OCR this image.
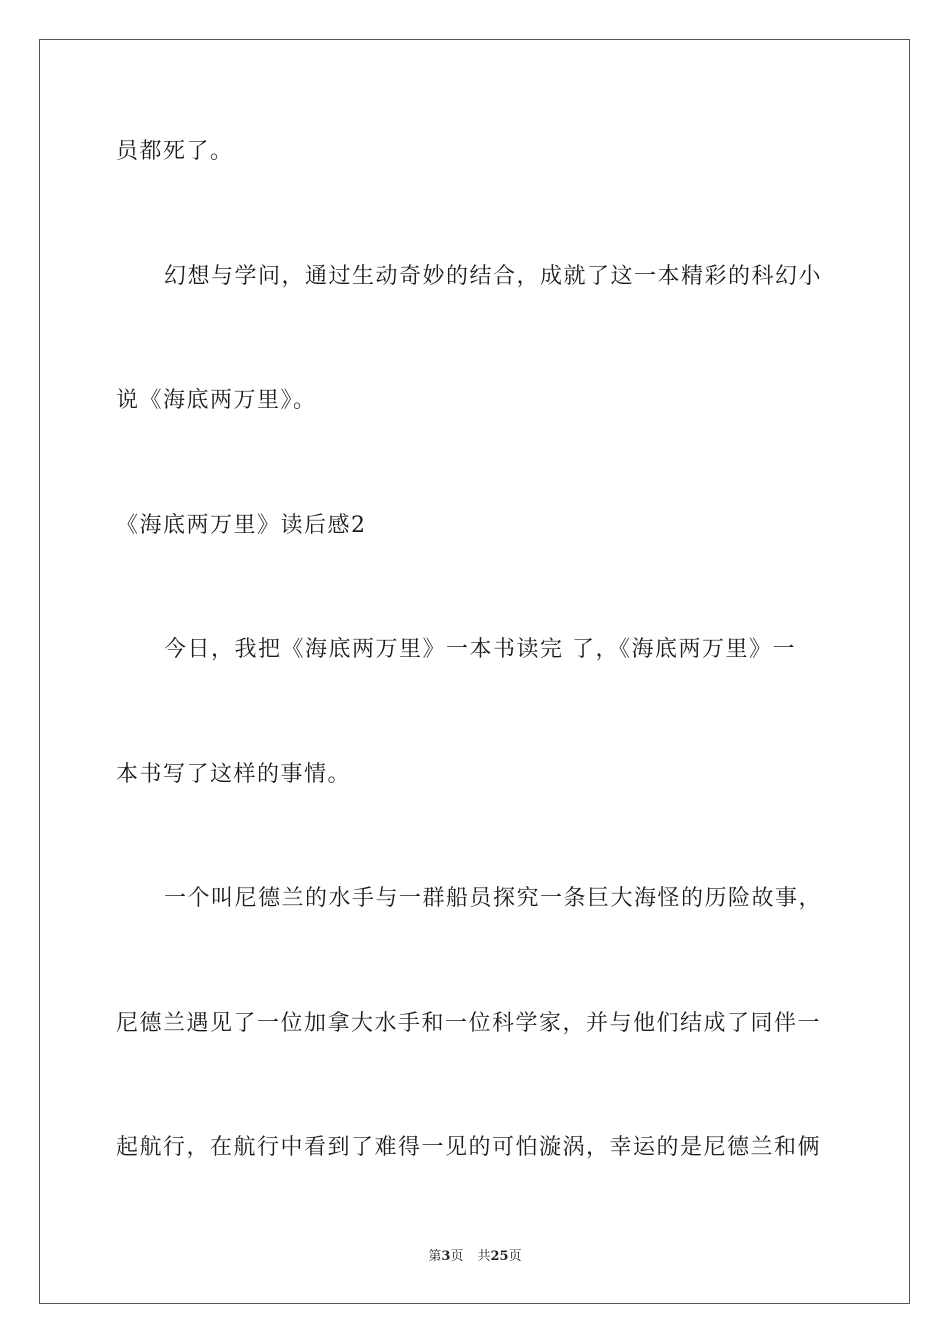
员都死了。
幻想与学问，通过生动奇妙的结合，成就了这一本精彩的科幻小
说《海底两万里》。
《海底两万里》读后感2
今日，我把《海底两万里》一本书读完 了，《海底两万里》一
本书写了这样的事情。
一个叫尼德兰的水手与一群船员探究一条巨大海怪的历险故事，
尼德兰遇见了一位加拿大水手和一位科学家，并与他们结成了同伴一
起航行，在航行中看到了难得一见的可怕漩涡，幸运的是尼德兰和俩
第3页 共25页
